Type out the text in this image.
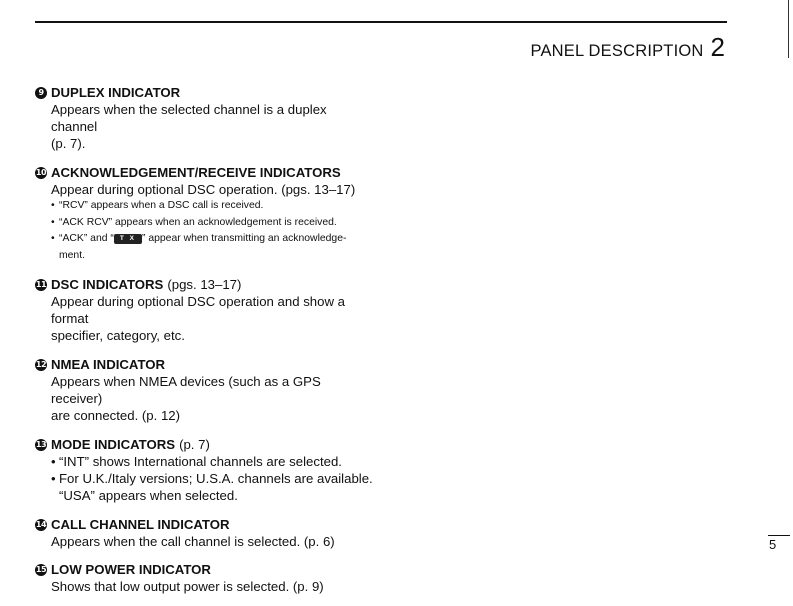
PANEL DESCRIPTION 2
9 DUPLEX INDICATOR
Appears when the selected channel is a duplex channel
(p. 7).
10 ACKNOWLEDGEMENT/RECEIVE INDICATORS
Appear during optional DSC operation. (pgs. 13–17)
• “RCV” appears when a DSC call is received.
• “ACK RCV” appears when an acknowledgement is received.
• “ACK” and “ T X ” appear when transmitting an acknowledge-
ment.
11 DSC INDICATORS (pgs. 13–17)
Appear during optional DSC operation and show a format
specifier, category, etc.
12 NMEA INDICATOR
Appears when NMEA devices (such as a GPS receiver)
are connected. (p. 12)
13 MODE INDICATORS (p. 7)
• “INT” shows International channels are selected.
• For U.K./Italy versions; U.S.A. channels are available.
“USA” appears when selected.
14 CALL CHANNEL INDICATOR
Appears when the call channel is selected. (p. 6)
15 LOW POWER INDICATOR
Shows that low output power is selected. (p. 9)
5
